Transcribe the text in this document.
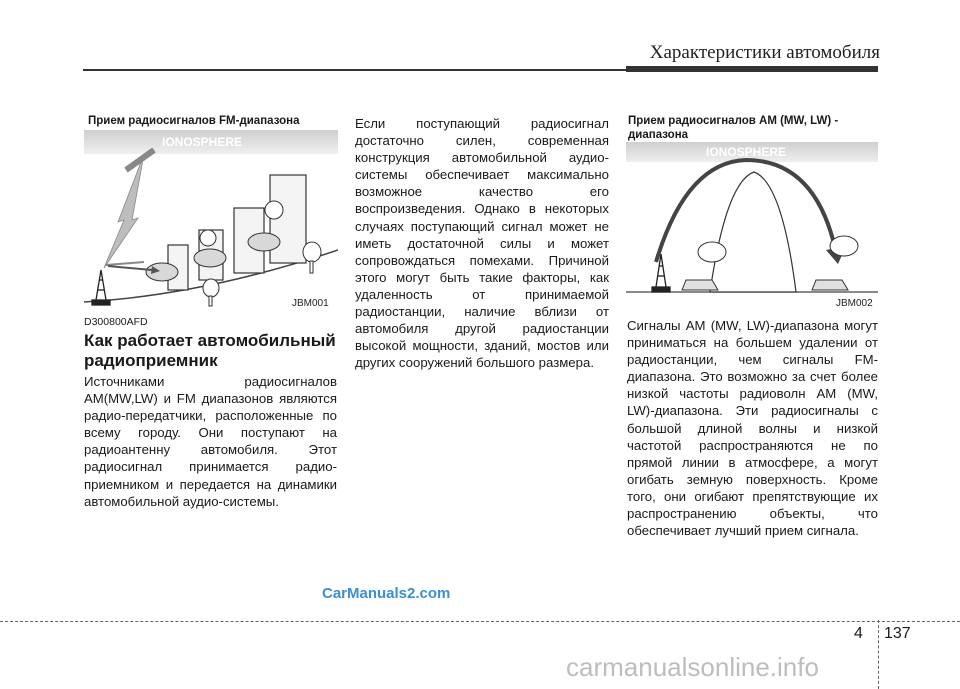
Характеристики автомобиля
Прием радиосигналов FM-диапазона
IONOSPHERE
JBM001
D300800AFD
Как работает автомобильный радиоприемник

Источниками радиосигналов AM(MW,LW) и FM диапазонов являются радио-передатчики, расположенные по всему городу. Они поступают на радиоантенну автомобиля. Этот радиосигнал принимается радио-приемником и передается на динамики автомобильной аудио-системы.

Если поступающий радиосигнал достаточно силен, современная конструкция автомобильной аудио-системы обеспечивает максимально возможное качество его воспроизведения. Однако в некоторых случаях поступающий сигнал может не иметь достаточной силы и может сопровождаться помехами. Причиной этого могут быть такие факторы, как удаленность от принимаемой радиостанции, наличие вблизи от автомобиля другой радиостанции высокой мощности, зданий, мостов или других сооружений большого размера.

Прием радиосигналов AM (MW, LW) - диапазона
IONOSPHERE
JBM002

Сигналы AM (MW, LW)-диапазона могут приниматься на большем удалении от радиостанции, чем сигналы FM-диапазона. Это возможно за счет более низкой частоты радиоволн AM (MW, LW)-диапазона. Эти радиосигналы с большой длиной волны и низкой частотой распространяются не по прямой линии в атмосфере, а могут огибать земную поверхность. Кроме того, они огибают препятствующие их распространению объекты, что обеспечивает лучший прием сигнала.

CarManuals2.com
4 137
carmanualsonline.info
